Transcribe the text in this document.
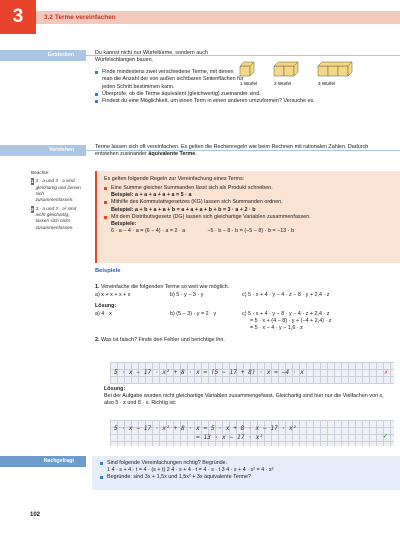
3	3.2 Terme vereinfachen
Entdecken	Du kannst nicht nur Würfeltürme, sondern auch Würfelschlangen bauen.

Finde mindestens zwei verschiedene Terme, mit denen man die Anzahl der von außen sichtbaren Seitenflächen für jeden Schritt bestimmen kann.
Überprüfe, ob die Terme äquivalent (gleichwertig) zueinander sind.
Findest du eine Möglichkeit, um einen Term in einen anderen umzuformen? Versuche es.
1 Würfel	2 Würfel	3 Würfel
Verstehen	Terme lassen sich oft vereinfachen. Es gelten die Rechenregeln wie beim Rechnen mit rationalen Zahlen. Dadurch entstehen zueinander äquivalente Terme.

Beachte:
1 3 · a und 3 · a sind gleichartig und lassen sich zusammenfassen.
2 3 · a und 3 · a² sind nicht gleichartig, lassen sich nicht zusammenfassen.

Es gelten folgende Regeln zur Vereinfachung eines Terms:

Eine Summe gleicher Summanden lässt sich als Produkt schreiben.
Beispiel: a + a + a + a + a = 5 · a
Mithilfe des Kommutativgesetzes (KG) lassen sich Summanden ordnen.
Beispiel: a + b + a + a + b = a + a + a + b + b = 3 · a + 2 · b
Mit dem Distributivgesetz (DG) lassen sich gleichartige Variablen zusammenfassen.
Beispiele:
6 · a − 4 · a = (6 − 4) · a = 2 · a	−5 · b − 8 · b = (−5 − 8) · b = −13 · b
Beispiele
1. Vereinfache die folgenden Terme so weit wie möglich.
a) x + x + x + x	b) 5 · y − 3 · y	c) 5 · x + 4 · y − 4 · z − 8 · y + 2,4 · z
Lösung:
a) 4 · x	b) (5 − 3) · y = 2 · y	c) 5 · x + 4 · y − 8 · y − 4 · z + 2,4 · z
= 5 · x + (4 − 8) · y + (−4 + 2,4) · z
= 5 · x − 4 · y − 1,6 · z
2. Was ist falsch? Finde den Fehler und berichtige ihn.
5 · x − 17 · x² + 8 · x = (5 − 17 + 8) · x = −4 · x	✗
Lösung:

Bei der Aufgabe wurden nicht gleichartige Variablen zusammengefasst. Gleichartig sind hier nur die Vielfachen von x, also 5 · x und 8 · x. Richtig ist:

5 · x − 17 · x² + 8 · x = 5 · x + 8 · x − 17 · x²
= 13 · x − 17 · x²	✓
Nachgefragt	Sind folgende Vereinfachungen richtig? Begründe.
1 4 · s + 4 · t = 4 · (s + t) 2 4 · s + 4 · t = 4 · s · t 3 4 · s + 4 · s² = 4 · s³
Begründe: sind 3x + 1,5x und 1,5x² + 3x äquivalente Terme?
102
